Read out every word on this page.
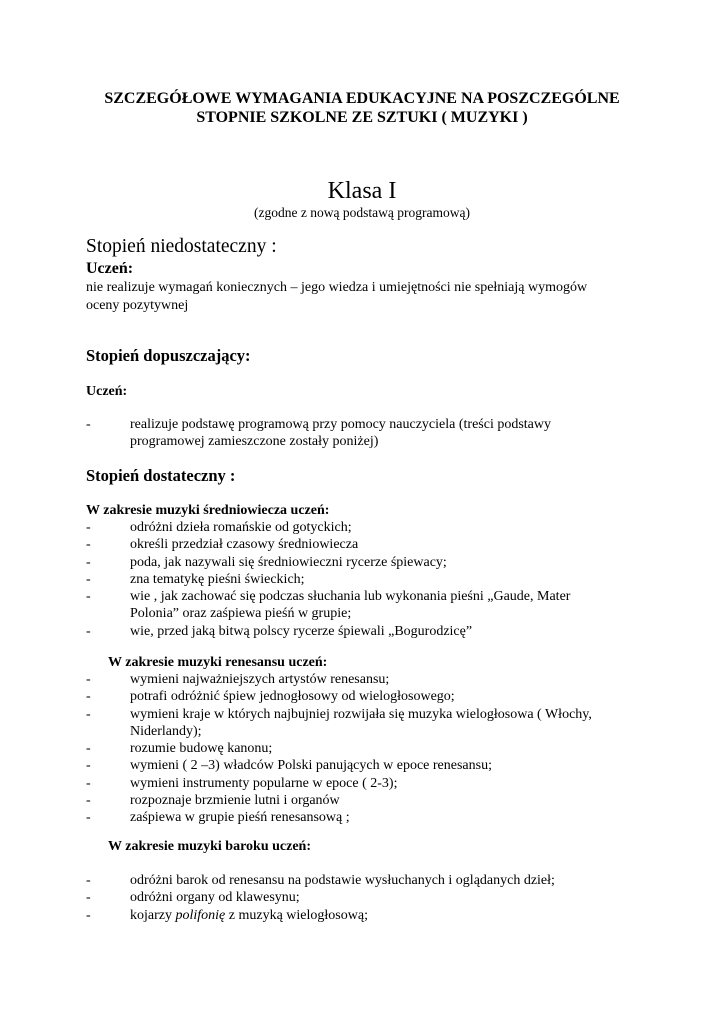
SZCZEGÓŁOWE WYMAGANIA EDUKACYJNE NA POSZCZEGÓLNE
STOPNIE SZKOLNE ZE SZTUKI ( MUZYKI )
Klasa I
(zgodne z nową podstawą programową)
Stopień niedostateczny :
Uczeń:
nie realizuje wymagań koniecznych – jego wiedza i umiejętności nie spełniają wymogów
oceny pozytywnej
Stopień dopuszczający:
Uczeń:
-	realizuje podstawę programową przy pomocy nauczyciela (treści podstawy
programowej zamieszczone zostały poniżej)
Stopień dostateczny :
W zakresie muzyki średniowiecza uczeń:
-	odróżni dzieła romańskie od gotyckich;
-	określi przedział czasowy średniowiecza
-	poda, jak nazywali się średniowieczni rycerze śpiewacy;
-	zna tematykę pieśni świeckich;
-	wie , jak zachować się podczas słuchania lub wykonania pieśni „Gaude, Mater
Polonia” oraz zaśpiewa pieśń w grupie;
-	wie, przed jaką bitwą polscy rycerze śpiewali „Bogurodzicę”
W zakresie muzyki renesansu uczeń:
-	wymieni najważniejszych artystów renesansu;
-	potrafi odróżnić śpiew jednogłosowy od wielogłosowego;
-	wymieni kraje w których najbujniej rozwijała się muzyka wielogłosowa ( Włochy,
Niderlandy);
-	rozumie budowę kanonu;
-	wymieni ( 2 –3) władców Polski panujących w epoce renesansu;
-	wymieni instrumenty popularne w epoce ( 2-3);
-	rozpoznaje brzmienie lutni i organów
-	zaśpiewa w grupie pieśń renesansową ;
W zakresie muzyki baroku uczeń:
-	odróżni barok od renesansu na podstawie wysłuchanych i oglądanych dzieł;
-	odróżni organy od klawesynu;
-	kojarzy polifonię z muzyką wielogłosową;
